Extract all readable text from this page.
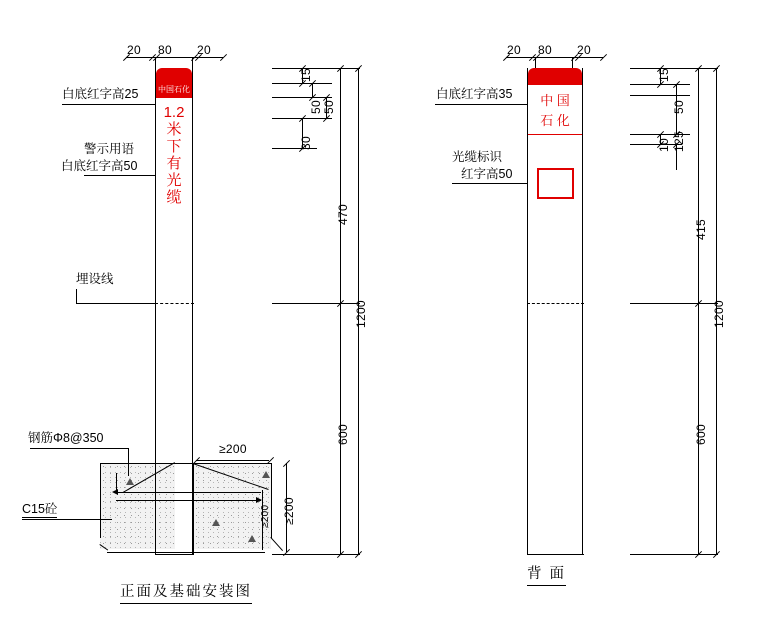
20 80 20
中国石化
1.2
米
下
有
光
缆
白底红字高25
警示用语
白底红字高50
埋设线
钢筋Φ8@350
C15砼
≥200
≥200
≥200
15
50 50
30
470
600
1200
正面及基础安装图
20 80 20
中 国
石 化
白底红字高35
光缆标识
红字高50
15
50
10 125
415
600
1200
背 面
